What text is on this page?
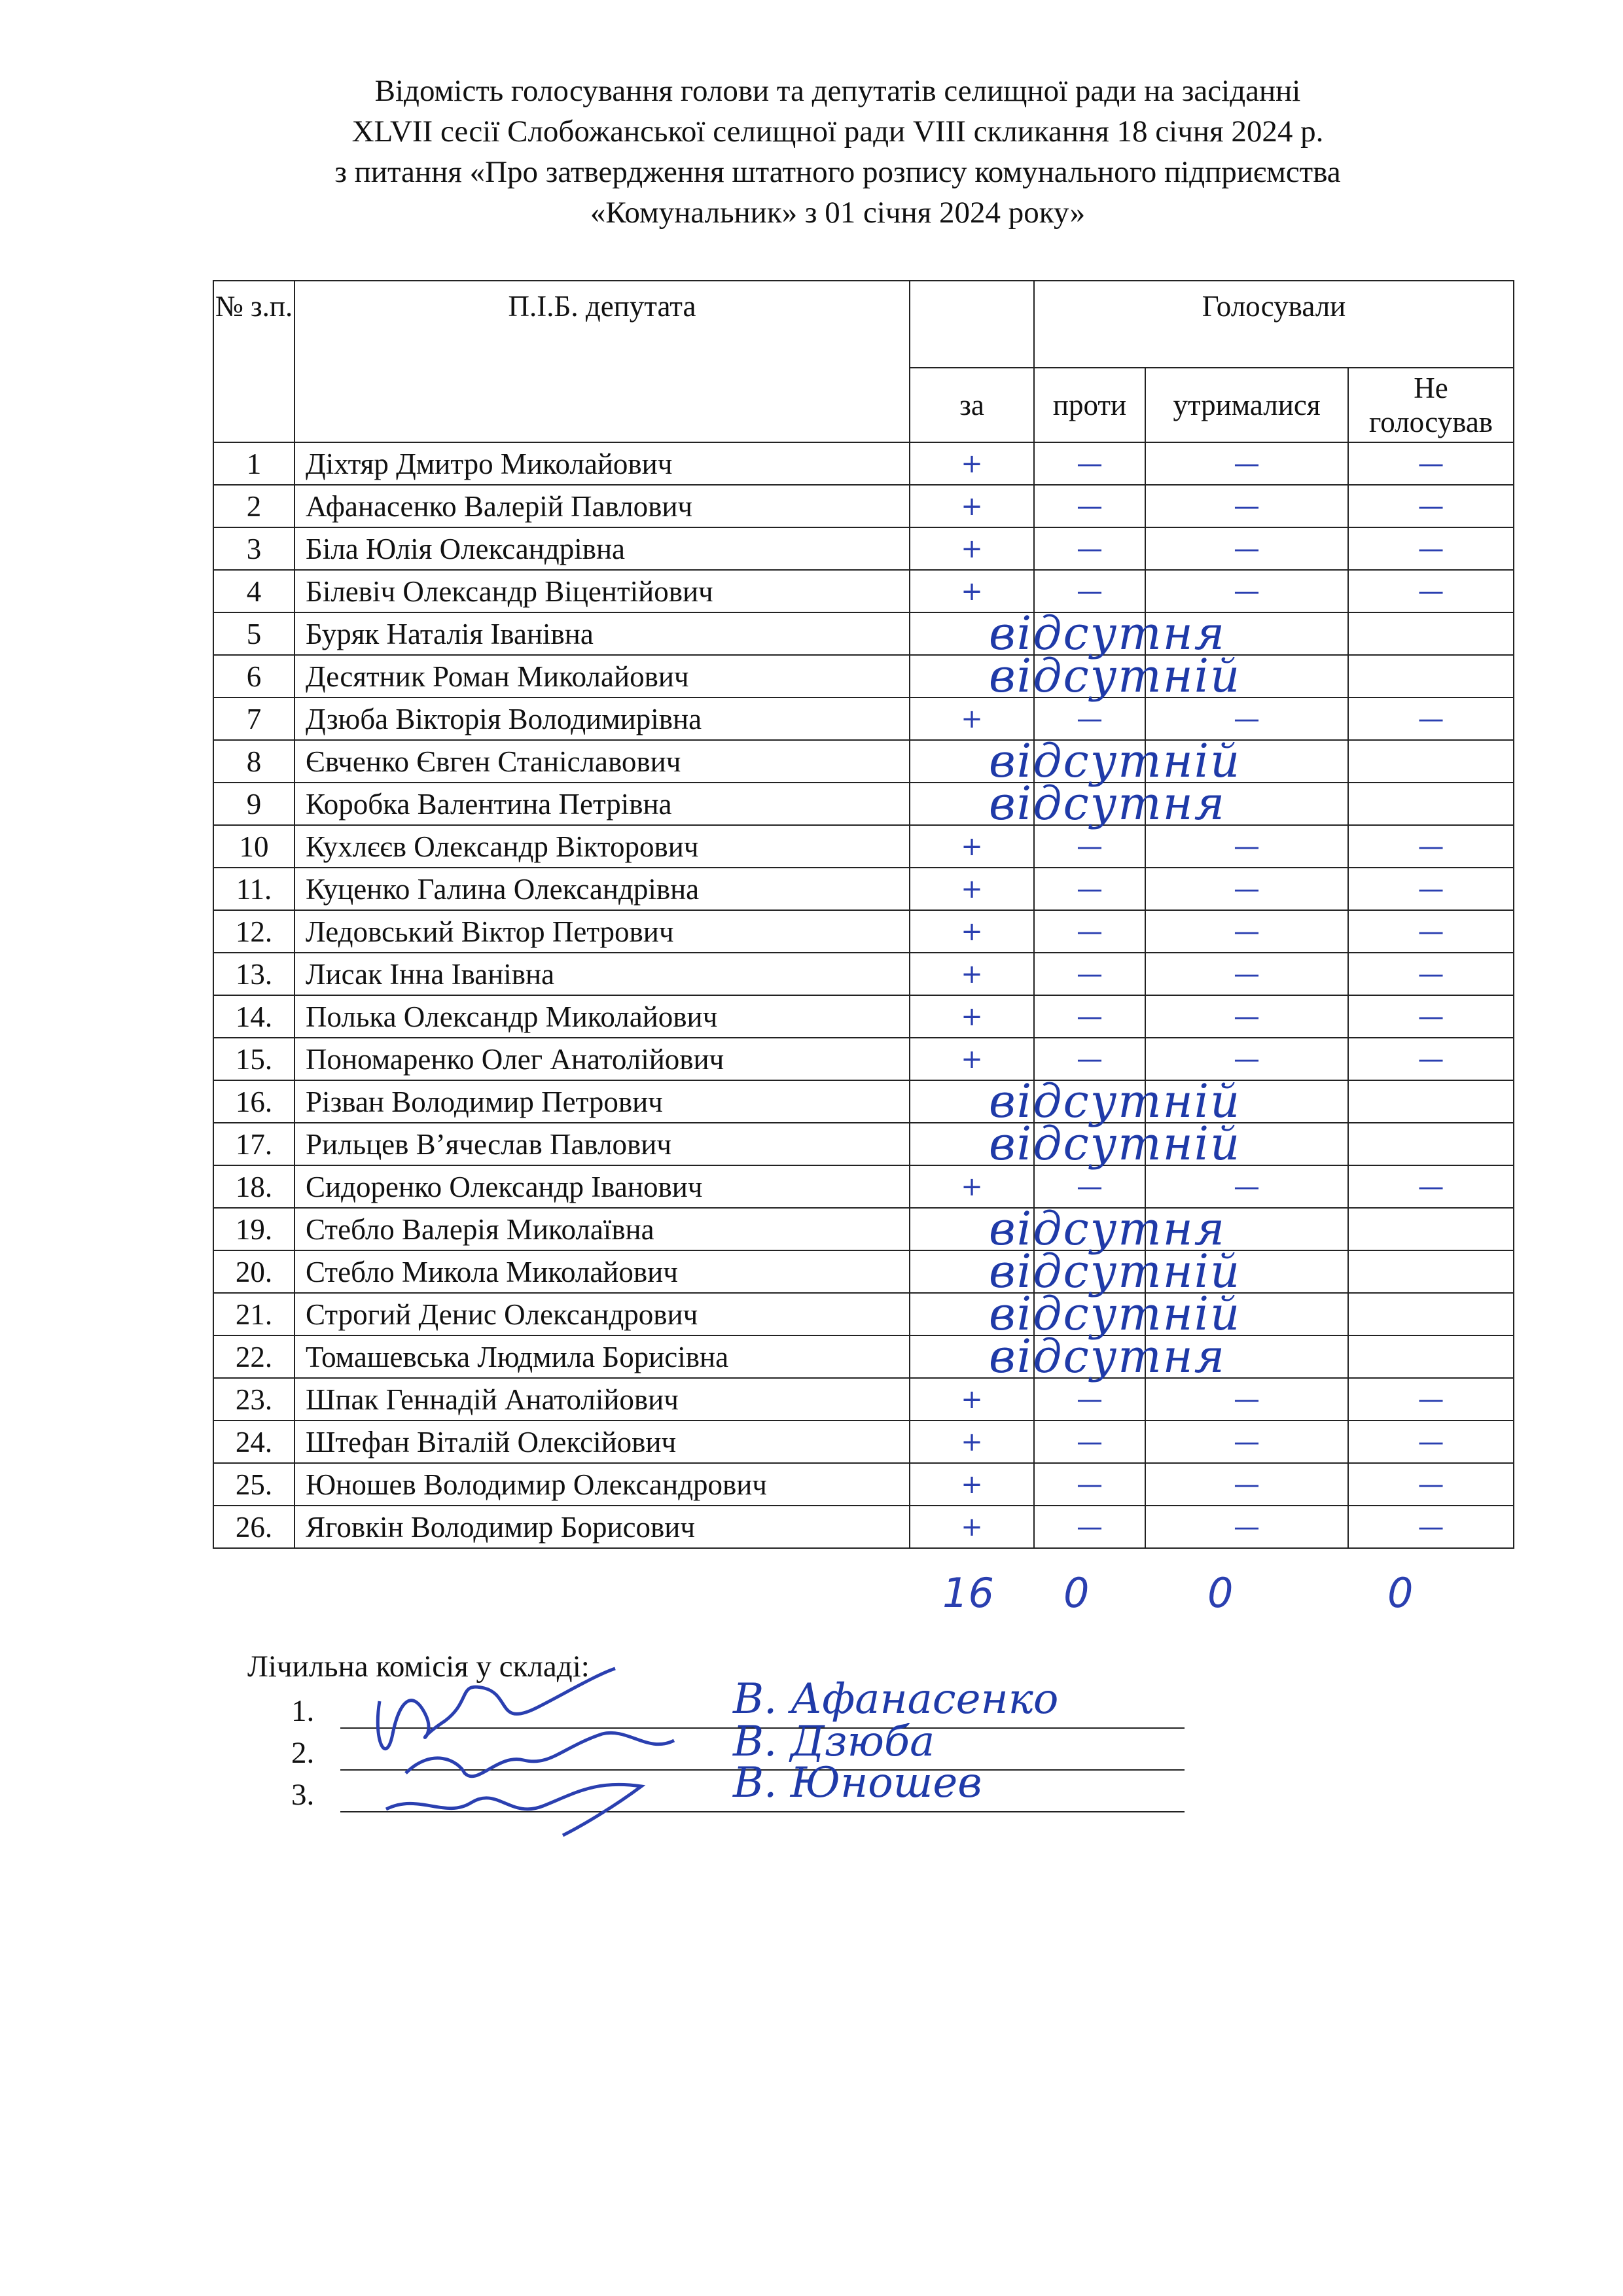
Відомість голосування голови та депутатів селищної ради на засіданні
XLVII сесії Слобожанської селищної ради VIII скликання 18 січня 2024 р.
з питання «Про затвердження штатного розпису комунального підприємства
«Комунальник» з 01 січня 2024 року»
№ з.п.	П.І.Б. депутата		Голосували		
		за	проти	утрималися	Не голосував
1	Діхтяр Дмитро Миколайович	+	—	—	—

2	Афанасенко Валерій Павлович	+	—	—	—

3	Біла Юлія Олександрівна	+	—	—	—

4	Білевіч Олександр Віцентійович	+	—	—	—

5	Буряк Наталія Іванівна	відсутня			

6	Десятник Роман Миколайович	відсутній			

7	Дзюба Вікторія Володимирівна	+	—	—	—

8	Євченко Євген Станіславович	відсутній			

9	Коробка Валентина Петрівна	відсутня			

10	Кухлєєв Олександр Вікторович	+	—	—	—

11.	Куценко Галина Олександрівна	+	—	—	—

12.	Ледовський Віктор Петрович	+	—	—	—

13.	Лисак Інна Іванівна	+	—	—	—

14.	Полька Олександр Миколайович	+	—	—	—

15.	Пономаренко Олег Анатолійович	+	—	—	—

16.	Різван Володимир Петрович	відсутній			

17.	Рильцев В’ячеслав Павлович	відсутній			

18.	Сидоренко Олександр Іванович	+	—	—	—

19.	Стебло Валерія Миколаївна	відсутня			

20.	Стебло Микола Миколайович	відсутній			

21.	Строгий Денис Олександрович	відсутній			

22.	Томашевська Людмила Борисівна	відсутня			

23.	Шпак Геннадій Анатолійович	+	—	—	—

24.	Штефан Віталій Олексійович	+	—	—	—

25.	Юношев Володимир Олександрович	+	—	—	—

26.	Яговкін Володимир Борисович	+	—	—	—
16 0	0	0
Лічильна комісія у складі:
1.	В. Афанасенко
2.	В. Дзюба
3.	В. Юношев
